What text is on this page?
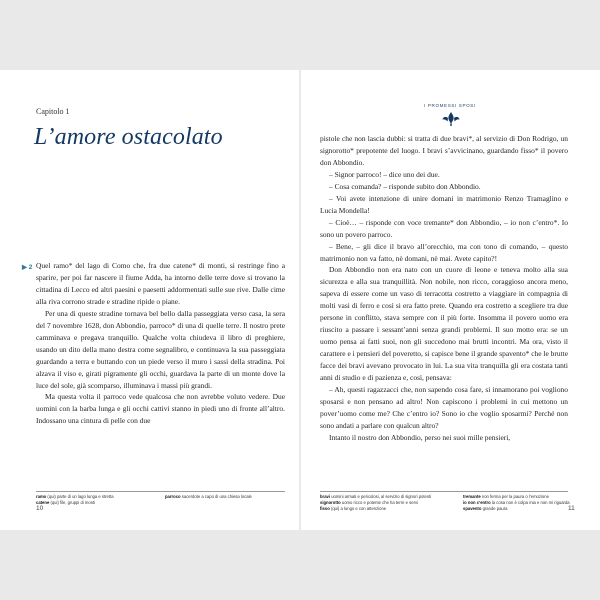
Capitolo 1
L’amore ostacolato
▶ 2 Quel ramo* del lago di Como che, fra due catene* di monti, si restringe fino a sparire, per poi far nascere il fiume Adda, ha intorno delle terre dove si trovano la cittadina di Lecco ed altri paesini e paesetti addormentati sulle sue rive. Dalle cime alla riva corrono strade e stradine ripide o piane.

Per una di queste stradine tornava bel bello dalla passeggiata verso casa, la sera del 7 novembre 1628, don Abbondio, parroco* di una di quelle terre. Il nostro prete camminava e pregava tranquillo. Qualche volta chiudeva il libro di preghiere, usando un dito della mano destra come segnalibro, e continuava la sua passeggiata guardando a terra e buttando con un piede verso il muro i sassi della stradina. Poi alzava il viso e, girati pigramente gli occhi, guardava la parte di un monte dove la luce del sole, già scomparso, illuminava i massi più grandi.

Ma questa volta il parroco vede qualcosa che non avrebbe voluto vedere. Due uomini con la barba lunga e gli occhi cattivi stanno in piedi uno di fronte all’altro. Indossano una cintura di pelle con due

ramo (qui) parte di un lago lunga e stretta
catene (qui) file, gruppi di monti
parroco sacerdote a capo di una chiesa locale
10
I PROMESSI SPOSI

pistole che non lascia dubbi: si tratta di due bravi*, al servizio di Don Rodrigo, un signorotto* prepotente del luogo. I bravi s’avvicinano, guardando fisso* il povero don Abbondio.

– Signor parroco! – dice uno dei due.

– Cosa comanda? – risponde subito don Abbondio.

– Voi avete intenzione di unire domani in matrimonio Renzo Tramaglino e Lucia Mondella!

– Cioè… – risponde con voce tremante* don Abbondio, – io non c’entro*. Io sono un povero parroco.

– Bene, – gli dice il bravo all’orecchio, ma con tono di comando, – questo matrimonio non va fatto, nè domani, nè mai. Avete capito?!

Don Abbondio non era nato con un cuore di leone e teneva molto alla sua sicurezza e alla sua tranquillità. Non nobile, non ricco, coraggioso ancora meno, sapeva di essere come un vaso di terracotta costretto a viaggiare in compagnia di molti vasi di ferro e così si era fatto prete. Quando era costretto a scegliere tra due persone in conflitto, stava sempre con il più forte. Insomma il povero uomo era riuscito a passare i sessant’anni senza grandi problemi. Il suo motto era: se un uomo pensa ai fatti suoi, non gli succedono mai brutti incontri. Ma ora, visto il carattere e i pensieri del poveretto, si capisce bene il grande spavento* che le brutte facce dei bravi avevano provocato in lui. La sua vita tranquilla gli era costata tanti anni di studio e di pazienza e, così, pensava:

– Ah, questi ragazzacci che, non sapendo cosa fare, si innamorano poi vogliono sposarsi e non pensano ad altro! Non capiscono i problemi in cui mettono un pover’uomo come me? Che c’entro io? Sono io che voglio sposarmi? Perché non sono andati a parlare con qualcun altro?

Intanto il nostro don Abbondio, perso nei suoi mille pensieri,

bravi uomini armati e pericolosi, al servizio di signori potenti
signorotto uomo ricco e potente che ha terre e servi
fisso (qui) a lungo e con attenzione
tremante non ferma per la paura o l’emozione
io non c’entro la cosa non è colpa mia e non mi riguarda
spavento grande paura	11
